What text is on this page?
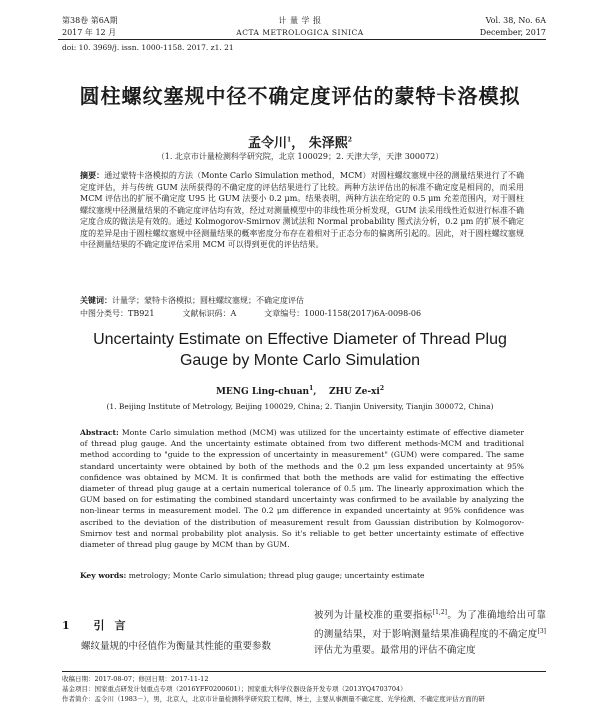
第38卷 第6A期
2017 年 12 月
计 量 学 报
ACTA METROLOGICA SINICA
Vol. 38, No. 6A
December, 2017
doi: 10. 3969/j. issn. 1000-1158. 2017. z1. 21
圆柱螺纹塞规中径不确定度评估的蒙特卡洛模拟
孟令川$^1$， 朱泽熙$^2$
（1. 北京市计量检测科学研究院，北京 100029；2. 天津大学，天津 300072）
摘要：通过蒙特卡洛模拟的方法（Monte Carlo Simulation method，MCM）对圆柱螺纹塞规中径的测量结果进行了不确定度评估，并与传统 GUM 法所获得的不确定度的评估结果进行了比较。两种方法评估出的标准不确定度是相同的，而采用 MCM 评估出的扩展不确定度 U95 比 GUM 法要小 0.2 μm。结果表明，两种方法在给定的 0.5 μm 允差范围内，对于圆柱螺纹塞规中径测量结果的不确定度评估均有效，经过对测量模型中的非线性项分析发现，GUM 法采用线性近似进行标准不确定度合成的做法是有效的。通过 Kolmogorov-Smirnov 测试法和 Normal probability 图式法分析，0.2 μm 的扩展不确定度的差异是由于圆柱螺纹塞规中径测量结果的概率密度分布存在着相对于正态分布的偏离所引起的。因此，对于圆柱螺纹塞规中径测量结果的不确定度评估采用 MCM 可以得到更优的评估结果。
关键词：计量学；蒙特卡洛模拟；圆柱螺纹塞规；不确定度评估
中图分类号：TB921	文献标识码：A	文章编号：1000-1158(2017)6A-0098-06
Uncertainty Estimate on Effective Diameter of Thread Plug Gauge by Monte Carlo Simulation
MENG Ling-chuan$^1$,    ZHU $Ze-xi^2$
(1. Beijing Institute of Metrology, Beijing 100029, China; 2. Tianjin University, Tianjin 300072, China)
Abstract: Monte Carlo simulation method (MCM) was utilized for the uncertainty estimate of effective diameter of thread plug gauge. And the uncertainty estimate obtained from two different methods-MCM and traditional method according to "guide to the expression of uncertainty in measurement" (GUM) were compared. The same standard uncertainty were obtained by both of the methods and the 0.2 μm less expanded uncertainty at 95% confidence was obtained by MCM. It is confirmed that both the methods are valid for estimating the effective diameter of thread plug gauge at a certain numerical tolerance of 0.5 μm. The linearly approximation which the GUM based on for estimating the combined standard uncertainty was confirmed to be available by analyzing the non-linear terms in measurement model. The 0.2 μm difference in expanded uncertainty at 95% confidence was ascribed to the deviation of the distribution of measurement result from Gaussian distribution by Kolmogorov-Smirnov test and normal probability plot analysis. So it's reliable to get better uncertainty estimate of effective diameter of thread plug gauge by MCM than by GUM.
Key words: metrology; Monte Carlo simulation; thread plug gauge; uncertainty estimate
1 引言
螺纹量规的中径值作为衡量其性能的重要参数
被列为计量校准的重要指标[1,2]。为了准确地给出可靠的测量结果，对于影响测量结果准确程度的不确定度[3]评估尤为重要。最常用的评估不确定度
收稿日期：2017-08-07；修回日期：2017-11-12
基金项目：国家重点研发计划重点专项（2016YFF0200601）；国家重大科学仪器设备开发专项（2013YQ4703704）
作者简介：孟令川（1983－），男，北京人，北京市计量检测科学研究院工程师，博士，主要从事测量不确定度、光学检测、不确定度评估方面的研
